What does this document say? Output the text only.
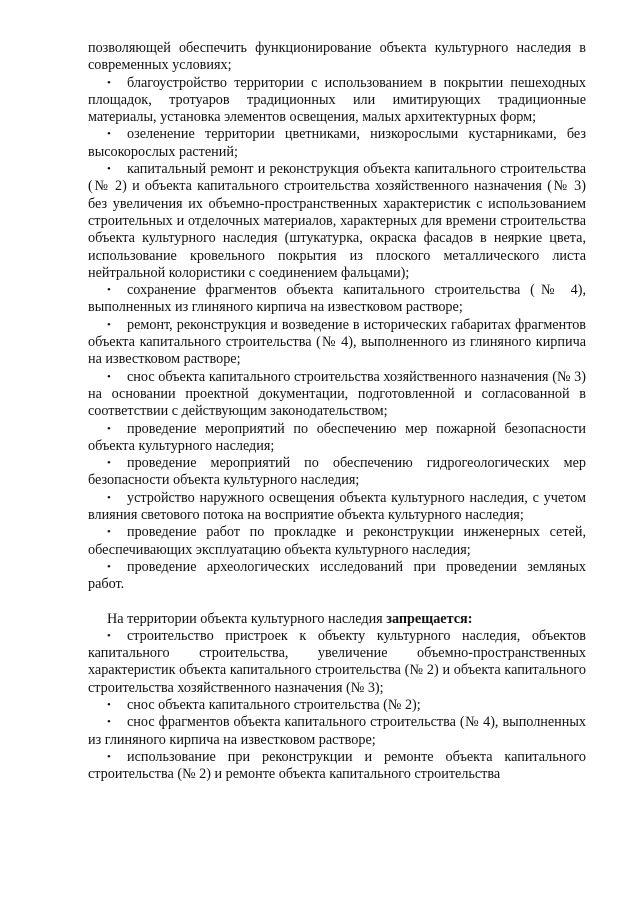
позволяющей обеспечить функционирование объекта культурного наследия в современных условиях;

• благоустройство территории с использованием в покрытии пешеходных площадок, тротуаров традиционных или имитирующих традиционные материалы, установка элементов освещения, малых архитектурных форм;

• озеленение территории цветниками, низкорослыми кустарниками, без высокорослых растений;

• капитальный ремонт и реконструкция объекта капитального строительства (№ 2) и объекта капитального строительства хозяйственного назначения (№ 3) без увеличения их объемно-пространственных характеристик с использованием строительных и отделочных материалов, характерных для времени строительства объекта культурного наследия (штукатурка, окраска фасадов в неяркие цвета, использование кровельного покрытия из плоского металлического листа нейтральной колористики с соединением фальцами);

• сохранение фрагментов объекта капитального строительства (№ 4), выполненных из глиняного кирпича на известковом растворе;

• ремонт, реконструкция и возведение в исторических габаритах фрагментов объекта капитального строительства (№ 4), выполненного из глиняного кирпича на известковом растворе;

• снос объекта капитального строительства хозяйственного назначения (№ 3) на основании проектной документации, подготовленной и согласованной в соответствии с действующим законодательством;

• проведение мероприятий по обеспечению мер пожарной безопасности объекта культурного наследия;

• проведение мероприятий по обеспечению гидрогеологических мер безопасности объекта культурного наследия;

• устройство наружного освещения объекта культурного наследия, с учетом влияния светового потока на восприятие объекта культурного наследия;

• проведение работ по прокладке и реконструкции инженерных сетей, обеспечивающих эксплуатацию объекта культурного наследия;

• проведение археологических исследований при проведении земляных работ.

На территории объекта культурного наследия запрещается:

• строительство пристроек к объекту культурного наследия, объектов капитального строительства, увеличение объемно-пространственных характеристик объекта капитального строительства (№ 2) и объекта капитального строительства хозяйственного назначения (№ 3);

• снос объекта капитального строительства (№ 2);

• снос фрагментов объекта капитального строительства (№ 4), выполненных из глиняного кирпича на известковом растворе;

• использование при реконструкции и ремонте объекта капитального строительства (№ 2) и ремонте объекта капитального строительства
